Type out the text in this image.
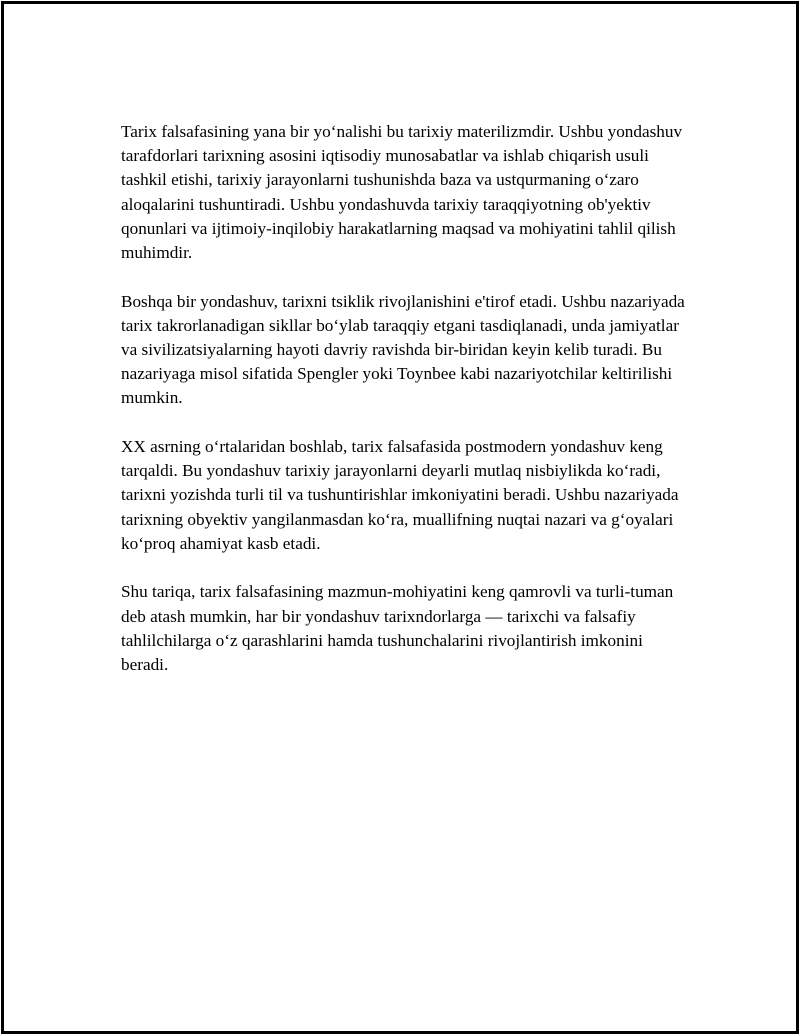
Tarix falsafasining yana bir yo‘nalishi bu tarixiy materilizmdir. Ushbu yondashuv tarafdorlari tarixning asosini iqtisodiy munosabatlar va ishlab chiqarish usuli tashkil etishi, tarixiy jarayonlarni tushunishda baza va ustqurmaning o‘zaro aloqalarini tushuntiradi. Ushbu yondashuvda tarixiy taraqqiyotning ob'yektiv qonunlari va ijtimoiy-inqilobiy harakatlarning maqsad va mohiyatini tahlil qilish muhimdir.

Boshqa bir yondashuv, tarixni tsiklik rivojlanishini e'tirof etadi. Ushbu nazariyada tarix takrorlanadigan sikllar bo‘ylab taraqqiy etgani tasdiqlanadi, unda jamiyatlar va sivilizatsiyalarning hayoti davriy ravishda bir-biridan keyin kelib turadi. Bu nazariyaga misol sifatida Spengler yoki Toynbee kabi nazariyotchilar keltirilishi mumkin.

XX asrning o‘rtalaridan boshlab, tarix falsafasida postmodern yondashuv keng tarqaldi. Bu yondashuv tarixiy jarayonlarni deyarli mutlaq nisbiylikda ko‘radi, tarixni yozishda turli til va tushuntirishlar imkoniyatini beradi. Ushbu nazariyada tarixning obyektiv yangilanmasdan ko‘ra, muallifning nuqtai nazari va g‘oyalari ko‘proq ahamiyat kasb etadi.

Shu tariqa, tarix falsafasining mazmun-mohiyatini keng qamrovli va turli-tuman deb atash mumkin, har bir yondashuv tarixndorlarga — tarixchi va falsafiy tahlilchilarga o‘z qarashlarini hamda tushunchalarini rivojlantirish imkonini beradi.
